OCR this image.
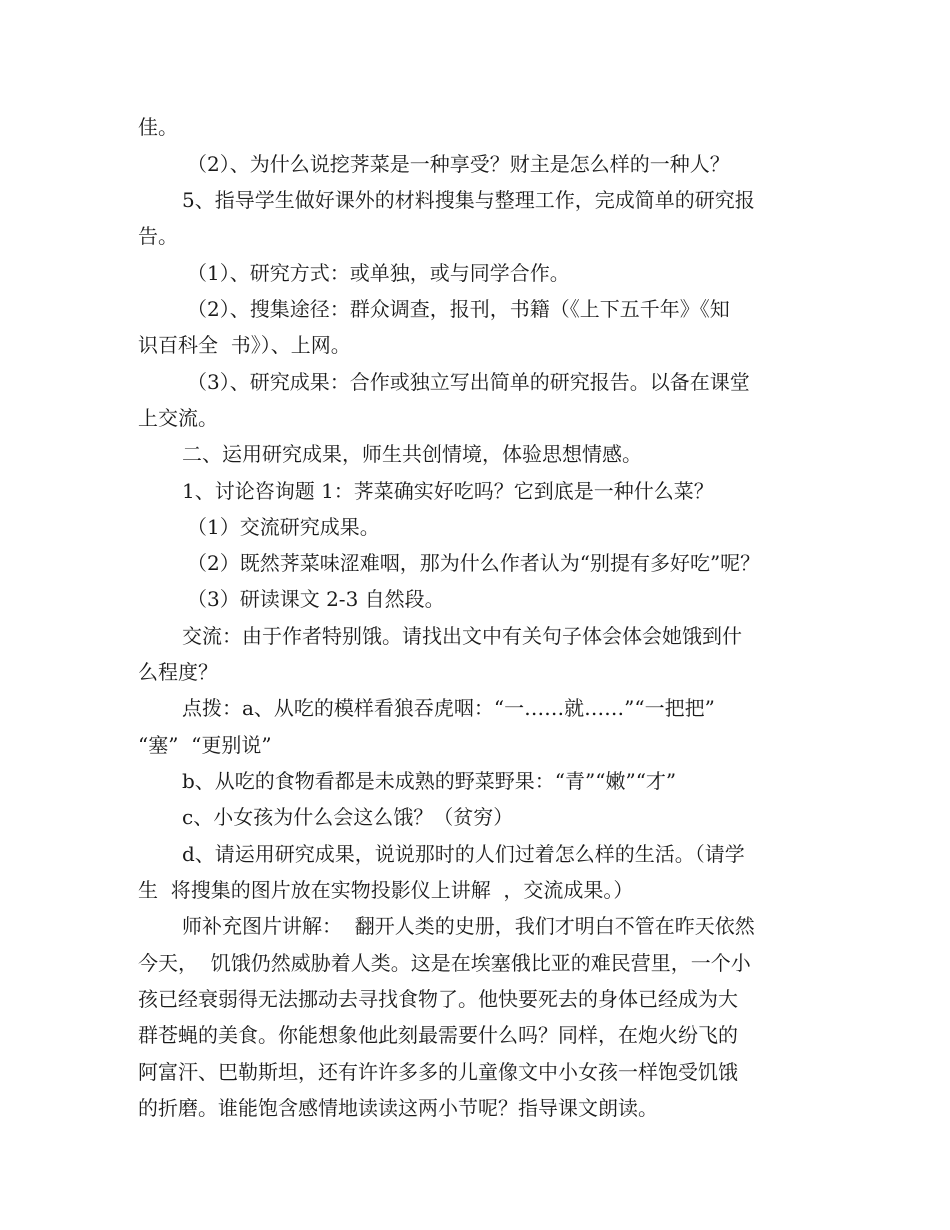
佳。
（2）、为什么说挖荠菜是一种享受？财主是怎么样的一种人？
5、指导学生做好课外的材料搜集与整理工作，完成简单的研究报
告。
（1）、研究方式：或单独，或与同学合作。
（2）、搜集途径：群众调查，报刊，书籍（《上下五千年》《知
识百科全  书》）、上网。
（3）、研究成果：合作或独立写出简单的研究报告。以备在课堂
上交流。
二、运用研究成果，师生共创情境，体验思想情感。
1、讨论咨询题 1：荠菜确实好吃吗？它到底是一种什么菜？
（1）交流研究成果。
（2）既然荠菜味涩难咽，那为什么作者认为“别提有多好吃”呢？
（3）研读课文 2-3 自然段。
交流：由于作者特别饿。请找出文中有关句子体会体会她饿到什
么程度？
点拨：a、从吃的模样看狼吞虎咽：“一……就……”“一把把”
“塞”  “更别说”
b、从吃的食物看都是未成熟的野菜野果：“青”“嫩”“才”
c、小女孩为什么会这么饿？（贫穷）
d、请运用研究成果，说说那时的人们过着怎么样的生活。（请学
生  将搜集的图片放在实物投影仪上讲解  ，交流成果。）
师补充图片讲解：  翻开人类的史册，我们才明白不管在昨天依然
今天，  饥饿仍然威胁着人类。这是在埃塞俄比亚的难民营里，一个小
孩已经衰弱得无法挪动去寻找食物了。他快要死去的身体已经成为大
群苍蝇的美食。你能想象他此刻最需要什么吗？同样，在炮火纷飞的
阿富汗、巴勒斯坦，还有许许多多的儿童像文中小女孩一样饱受饥饿
的折磨。谁能饱含感情地读读这两小节呢？指导课文朗读。
